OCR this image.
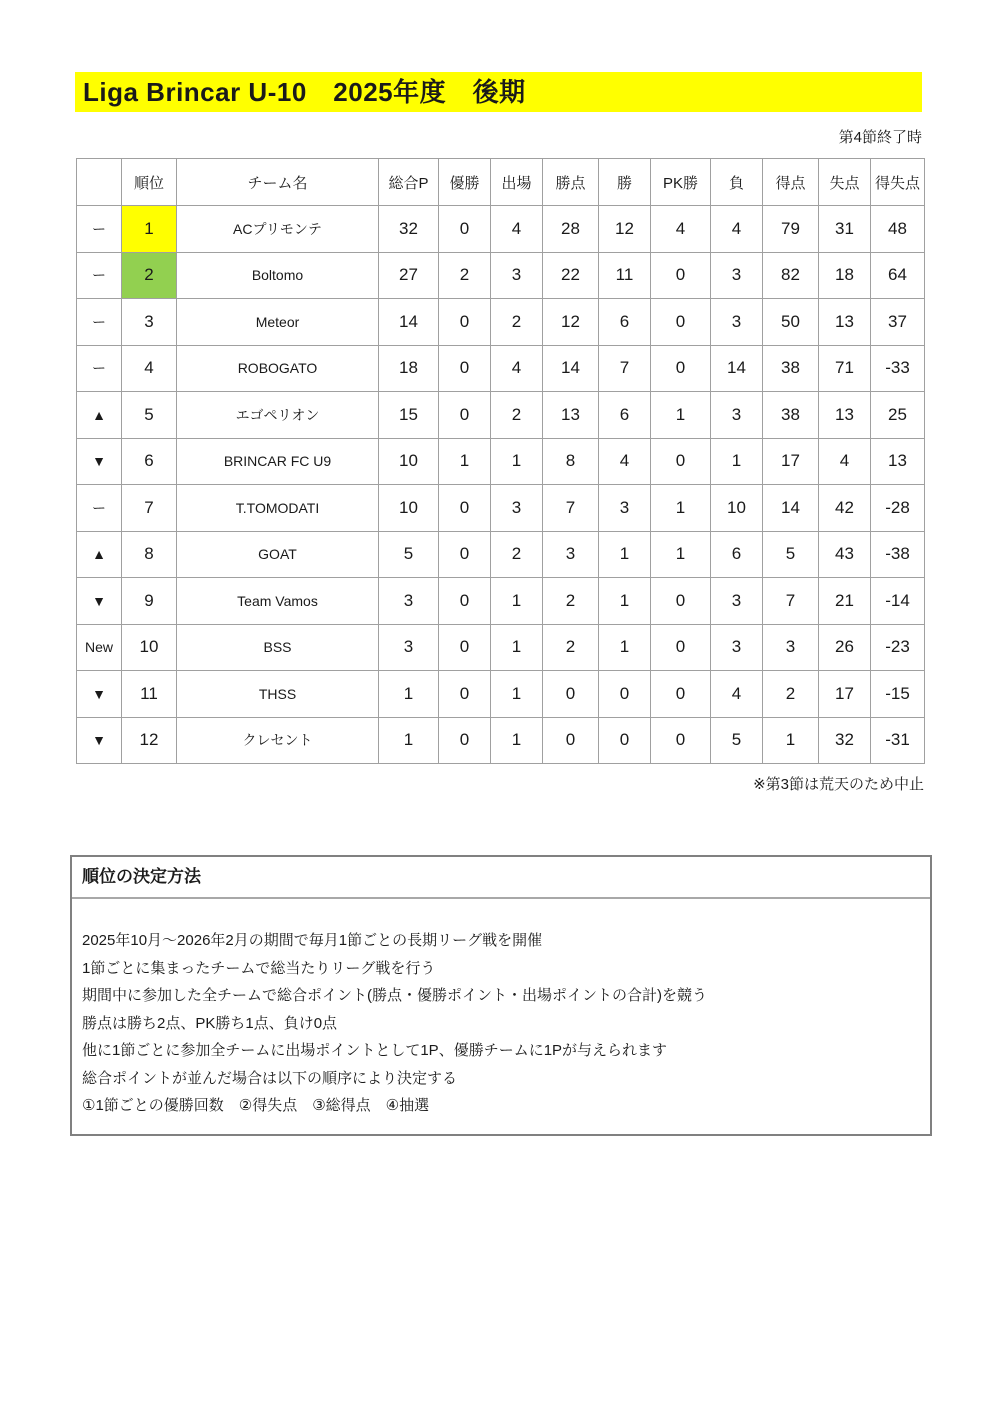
Liga Brincar U-10　2025年度　後期
第4節終了時
	順位	チーム名	総合P	優勝	出場	勝点	勝	PK勝	負	得点	失点	得失点
ー	1	ACプリモンテ	32	0	4	28	12	4	4	79	31	48
ー	2	Boltomo	27	2	3	22	11	0	3	82	18	64
ー	3	Meteor	14	0	2	12	6	0	3	50	13	37
ー	4	ROBOGATO	18	0	4	14	7	0	14	38	71	-33
▲	5	エゴペリオン	15	0	2	13	6	1	3	38	13	25
▼	6	BRINCAR FC U9	10	1	1	8	4	0	1	17	4	13
ー	7	T.TOMODATI	10	0	3	7	3	1	10	14	42	-28
▲	8	GOAT	5	0	2	3	1	1	6	5	43	-38
▼	9	Team Vamos	3	0	1	2	1	0	3	7	21	-14
New	10	BSS	3	0	1	2	1	0	3	3	26	-23
▼	11	THSS	1	0	1	0	0	0	4	2	17	-15
▼	12	クレセント	1	0	1	0	0	0	5	1	32	-31
※第3節は荒天のため中止
順位の決定方法
2025年10月～2026年2月の期間で毎月1節ごとの長期リーグ戦を開催
1節ごとに集まったチームで総当たりリーグ戦を行う
期間中に参加した全チームで総合ポイント(勝点・優勝ポイント・出場ポイントの合計)を競う
勝点は勝ち2点、PK勝ち1点、負け0点
他に1節ごとに参加全チームに出場ポイントとして1P、優勝チームに1Pが与えられます
総合ポイントが並んだ場合は以下の順序により決定する
①1節ごとの優勝回数　②得失点　③総得点　④抽選
